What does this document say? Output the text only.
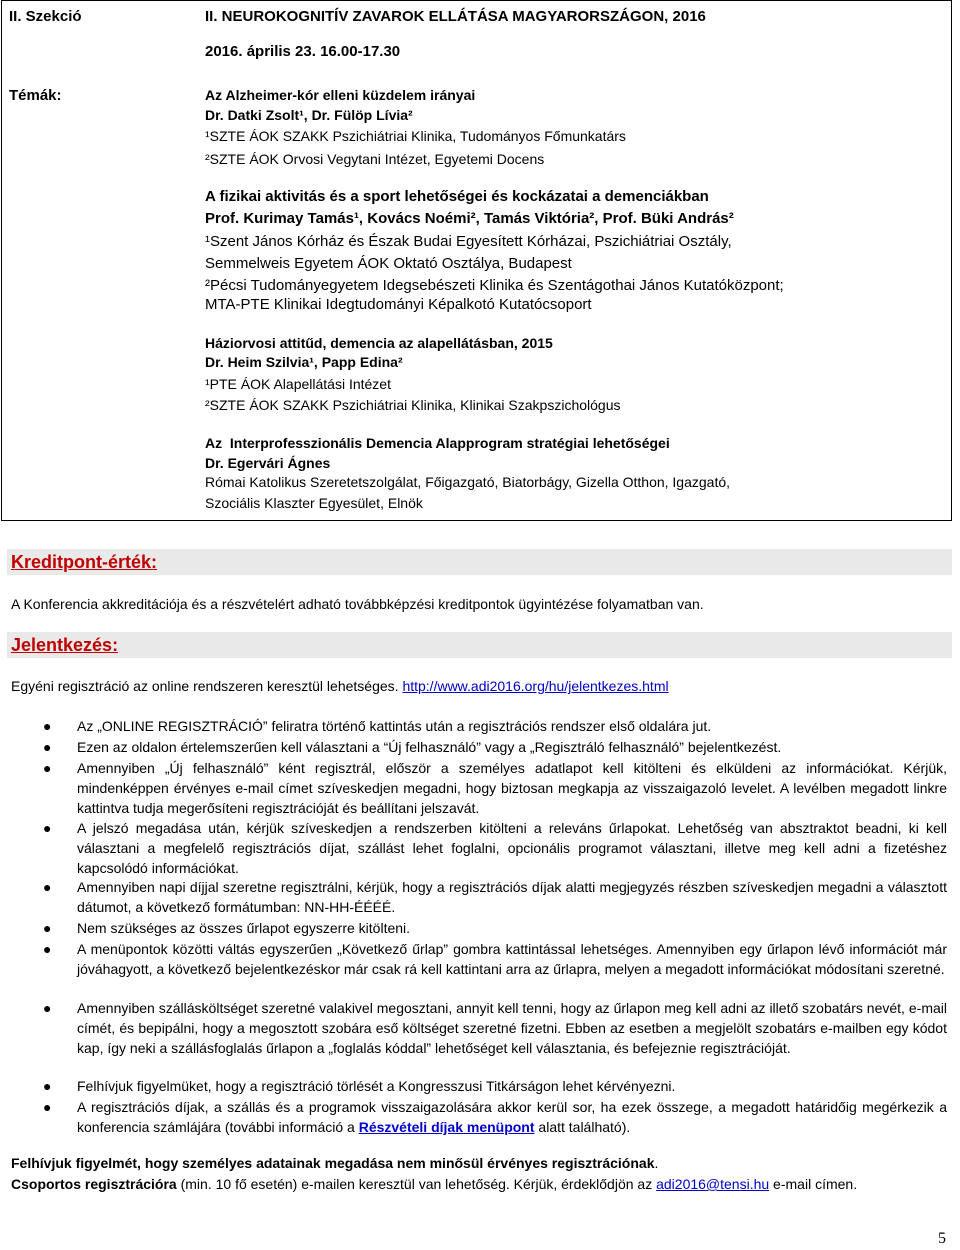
II. Szekció	II. NEUROKOGNITÍV ZAVAROK ELLÁTÁSA MAGYARORSZÁGON, 2016
2016. április 23. 16.00-17.30
Témák:	Az Alzheimer-kór elleni küzdelem irányai
Dr. Datki Zsolt¹, Dr. Fülöp Lívia²
¹SZTE ÁOK SZAKK Pszichiátriai Klinika, Tudományos Főmunkatárs
²SZTE ÁOK Orvosi Vegytani Intézet, Egyetemi Docens
A fizikai aktivitás és a sport lehetőségei és kockázatai a demenciákban
Prof. Kurimay Tamás¹, Kovács Noémi², Tamás Viktória², Prof. Büki András²
¹Szent János Kórház és Észak Budai Egyesített Kórházai, Pszichiátriai Osztály,
Semmelweis Egyetem ÁOK Oktató Osztálya, Budapest
²Pécsi Tudományegyetem Idegsebészeti Klinika és Szentágothai János Kutatóközpont;
MTA-PTE Klinikai Idegtudományi Képalkotó Kutatócsoport
Háziorvosi attitűd, demencia az alapellátásban, 2015
Dr. Heim Szilvia¹, Papp Edina²
¹PTE ÁOK Alapellátási Intézet
²SZTE ÁOK SZAKK Pszichiátriai Klinika, Klinikai Szakpszichológus
Az  Interprofesszionális Demencia Alapprogram stratégiai lehetőségei
Dr. Egervári Ágnes
Római Katolikus Szeretetszolgálat, Főigazgató, Biatorbágy, Gizella Otthon, Igazgató,
Szociális Klaszter Egyesület, Elnök
Kreditpont-érték:
A Konferencia akkreditációja és a részvételért adható továbbképzési kreditpontok ügyintézése folyamatban van.
Jelentkezés:
Egyéni regisztráció az online rendszeren keresztül lehetséges. http://www.adi2016.org/hu/jelentkezes.html
● Az „ONLINE REGISZTRÁCIÓ” feliratra történő kattintás után a regisztrációs rendszer első oldalára jut.
● Ezen az oldalon értelemszerűen kell választani a “Új felhasználó” vagy a „Regisztráló felhasználó” bejelentkezést.
● Amennyiben „Új felhasználó” ként regisztrál, először a személyes adatlapot kell kitölteni és elküldeni az információkat. Kérjük, mindenképpen érvényes e-mail címet szíveskedjen megadni, hogy biztosan megkapja az visszaigazoló levelet. A levélben megadott linkre kattintva tudja megerősíteni regisztrációját és beállítani jelszavát.
● A jelszó megadása után, kérjük szíveskedjen a rendszerben kitölteni a releváns űrlapokat. Lehetőség van absztraktot beadni, ki kell választani a megfelelő regisztrációs díjat, szállást lehet foglalni, opcionális programot választani, illetve meg kell adni a fizetéshez kapcsolódó információkat.
● Amennyiben napi díjjal szeretne regisztrálni, kérjük, hogy a regisztrációs díjak alatti megjegyzés részben szíveskedjen megadni a választott dátumot, a következő formátumban: NN-HH-ÉÉÉÉ.
● Nem szükséges az összes űrlapot egyszerre kitölteni.
● A menüpontok közötti váltás egyszerűen „Következő űrlap” gombra kattintással lehetséges. Amennyiben egy űrlapon lévő információt már jóváhagyott, a következő bejelentkezéskor már csak rá kell kattintani arra az űrlapra, melyen a megadott információkat módosítani szeretné.
● Amennyiben szállásköltséget szeretné valakivel megosztani, annyit kell tenni, hogy az űrlapon meg kell adni az illető szobatárs nevét, e-mail címét, és bepipálni, hogy a megosztott szobára eső költséget szeretné fizetni. Ebben az esetben a megjelölt szobatárs e-mailben egy kódot kap, így neki a szállásfoglalás űrlapon a „foglalás kóddal” lehetőséget kell választania, és befejeznie regisztrációját.
● Felhívjuk figyelmüket, hogy a regisztráció törlését a Kongresszusi Titkárságon lehet kérvényezni.
● A regisztrációs díjak, a szállás és a programok visszaigazolására akkor kerül sor, ha ezek összege, a megadott határidőig megérkezik a konferencia számlájára (további információ a Részvételi díjak menüpont alatt található).
Felhívjuk figyelmét, hogy személyes adatainak megadása nem minősül érvényes regisztrációnak.
Csoportos regisztrációra (min. 10 fő esetén) e-mailen keresztül van lehetőség. Kérjük, érdeklődjön az adi2016@tensi.hu e-mail címen.
5
